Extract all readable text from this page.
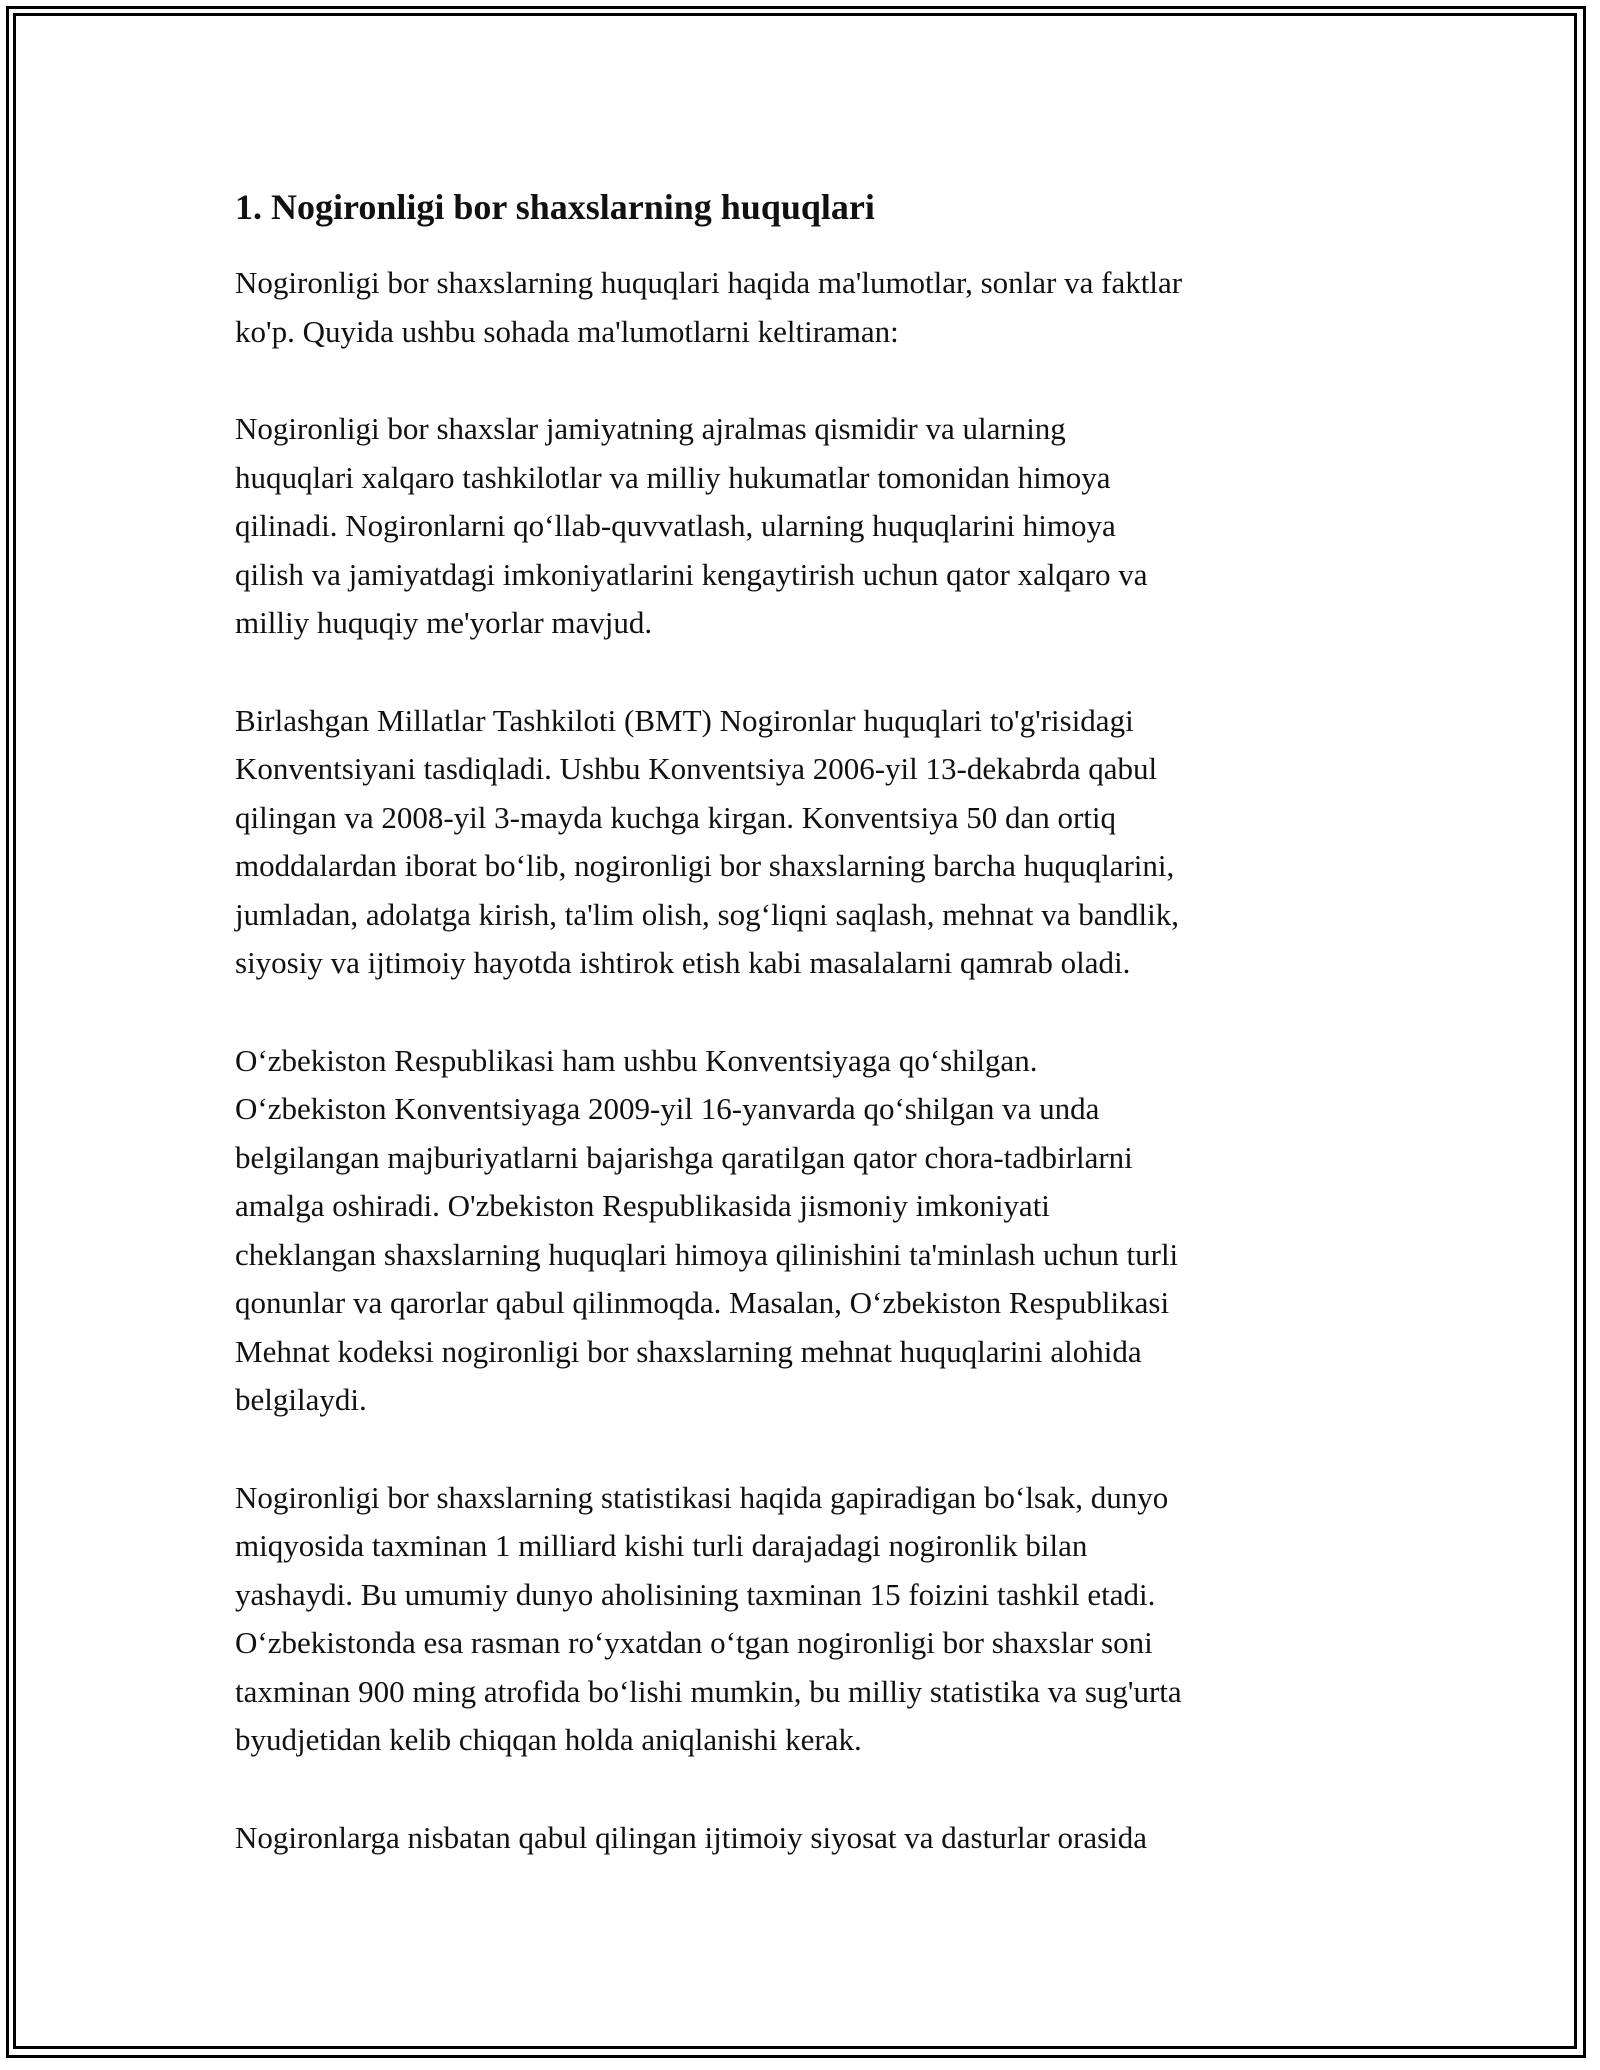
1. Nogironligi bor shaxslarning huquqlari

Nogironligi bor shaxslarning huquqlari haqida ma'lumotlar, sonlar va faktlar
ko'p. Quyida ushbu sohada ma'lumotlarni keltiraman:

Nogironligi bor shaxslar jamiyatning ajralmas qismidir va ularning
huquqlari xalqaro tashkilotlar va milliy hukumatlar tomonidan himoya
qilinadi. Nogironlarni qo‘llab-quvvatlash, ularning huquqlarini himoya
qilish va jamiyatdagi imkoniyatlarini kengaytirish uchun qator xalqaro va
milliy huquqiy me'yorlar mavjud.

Birlashgan Millatlar Tashkiloti (BMT) Nogironlar huquqlari to'g'risidagi
Konventsiyani tasdiqladi. Ushbu Konventsiya 2006-yil 13-dekabrda qabul
qilingan va 2008-yil 3-mayda kuchga kirgan. Konventsiya 50 dan ortiq
moddalardan iborat bo‘lib, nogironligi bor shaxslarning barcha huquqlarini,
jumladan, adolatga kirish, ta'lim olish, sog‘liqni saqlash, mehnat va bandlik,
siyosiy va ijtimoiy hayotda ishtirok etish kabi masalalarni qamrab oladi.

O‘zbekiston Respublikasi ham ushbu Konventsiyaga qo‘shilgan.
O‘zbekiston Konventsiyaga 2009-yil 16-yanvarda qo‘shilgan va unda
belgilangan majburiyatlarni bajarishga qaratilgan qator chora-tadbirlarni
amalga oshiradi. O'zbekiston Respublikasida jismoniy imkoniyati
cheklangan shaxslarning huquqlari himoya qilinishini ta'minlash uchun turli
qonunlar va qarorlar qabul qilinmoqda. Masalan, O‘zbekiston Respublikasi
Mehnat kodeksi nogironligi bor shaxslarning mehnat huquqlarini alohida
belgilaydi.

Nogironligi bor shaxslarning statistikasi haqida gapiradigan bo‘lsak, dunyo
miqyosida taxminan 1 milliard kishi turli darajadagi nogironlik bilan
yashaydi. Bu umumiy dunyo aholisining taxminan 15 foizini tashkil etadi.
O‘zbekistonda esa rasman ro‘yxatdan o‘tgan nogironligi bor shaxslar soni
taxminan 900 ming atrofida bo‘lishi mumkin, bu milliy statistika va sug'urta
byudjetidan kelib chiqqan holda aniqlanishi kerak.

Nogironlarga nisbatan qabul qilingan ijtimoiy siyosat va dasturlar orasida
